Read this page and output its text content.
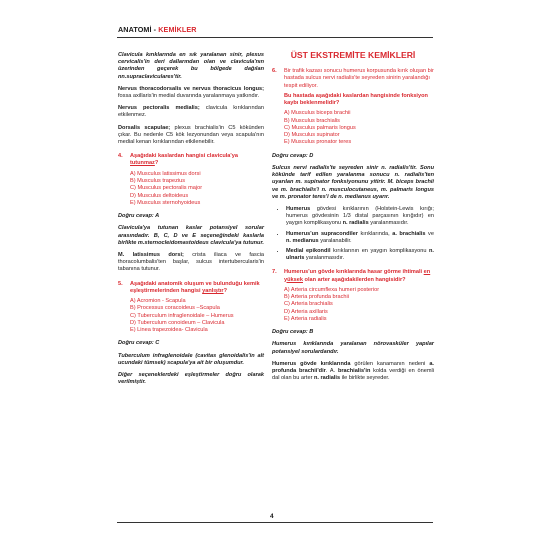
ANATOMİ - KEMİKLER

Clavicula kırıklarında en sık yaralanan sinir, plexus cervicalis'in deri dallarından olan ve clavicula'nın üzerinden geçerek bu bölgede dağılan nn.supraclaviculares'tir.

Nervus thoracodorsalis ve nervus thoracicus longus; fossa axillaris'in medial duvarında yaralanmaya yatkındır.

Nervus pectoralis medialis; clavicula kırıklarından etkilenmez.

Dorsalis scapulae; plexus brachialis'in C5 kökünden çıkar. Bu nedenle C5 kök lezyonundan veya scapula'nın medial kenarı kırıklarından etkilenebilir.

4.	Aşağıdaki kaslardan hangisi clavicula'ya tutunmaz?

A) Musculus latissimus dorsi

B) Musculus trapezius

C) Musculus pectoralis major

D) Musculus deltoideus

E) Musculus sternohyoideus

Doğru cevap: A

Clavicula'ya tutunan kaslar potansiyel sorular arasındadır. B, C, D ve E seçeneğindeki kaslarla birlikte m.sternocleidomastoideus clavicula'ya tutunur.

M. latissimus dorsi; crista iliaca ve fascia thoracolumbalis'ten başlar, sulcus intertubercularis'in tabanına tutunur.

5.	Aşağıdaki anatomik oluşum ve bulunduğu kemik eşleştirmelerinden hangisi yanlıştır?

A) Acromion - Scapula

B) Processus coracoideus –Scapula

C) Tuberculum infraglenoidale – Humerus

D) Tuberculum conoideum – Clavicula

E) Linea trapezoidea- Clavicula

Doğru cevap: C

Tuberculum infraglenoidale (cavitas glenoidalis'in alt ucundaki tümsek) scapula'ya ait bir oluşumdur.

Diğer seçeneklerdeki eşleştirmeler doğru olarak verilmiştir.

ÜST EKSTREMİTE KEMİKLERİ
6.	Bir trafik kazası sonucu humerus korpusunda kırık oluşan bir hastada sulcus nervi radialis'te seyreden sinirin yaralandığı tespit ediliyor.
Bu hastada aşağıdaki kaslardan hangisinde fonksiyon kaybı beklenmelidir?

A) Musculus biceps brachii

B) Musculus brachialis

C) Musculus palmaris longus

D) Musculus supinator

E) Musculus pronator teres

Doğru cevap: D

Sulcus nervi radialis'te seyreden sinir n. radialis'tir. Sonu kökünde tarif edilen yaralanma sonucu n. radialis'ten uyarılan m. supinator fonksiyonunu yitirir. M. biceps brachii ve m. brachialis'i n. musculocutaneus, m. palmaris longus ve m. pronator teres'i de n. medianus uyarır.

• Humerus gövdesi kırıklarının (Holstein-Lewis kırığı; humerus gövdesinin 1/3 distal parçasının kırığıdır) en yaygın komplikasyonu n. radialis yaralanmasıdır.
• Humerus'un supracondiler kırıklarında, a. brachialis ve n. medianus yaralanabilir.
• Medial epikondil kırıklarının en yaygın komplikasyonu n. ulnaris yaralanmasıdır.
7.	Humerus'un gövde kırıklarında hasar görme ihtimali en yüksek olan arter aşağıdakilerden hangisidir?

A) Arteria circumflexa humeri posterior

B) Arteria profunda brachii

C) Arteria brachialis

D) Arteria axillaris

E) Arteria radialis

Doğru cevap: B

Humerus kırıklarında yaralanan nörovasküler yapılar potansiyel sorulardandır.

Humerus gövde kırıklarında görülen kanamanın nedeni a. profunda brachii'dir. A. brachialis'in kolda verdiği en önemli dal olan bu arter n. radialis ile birlikte seyreder.

4
